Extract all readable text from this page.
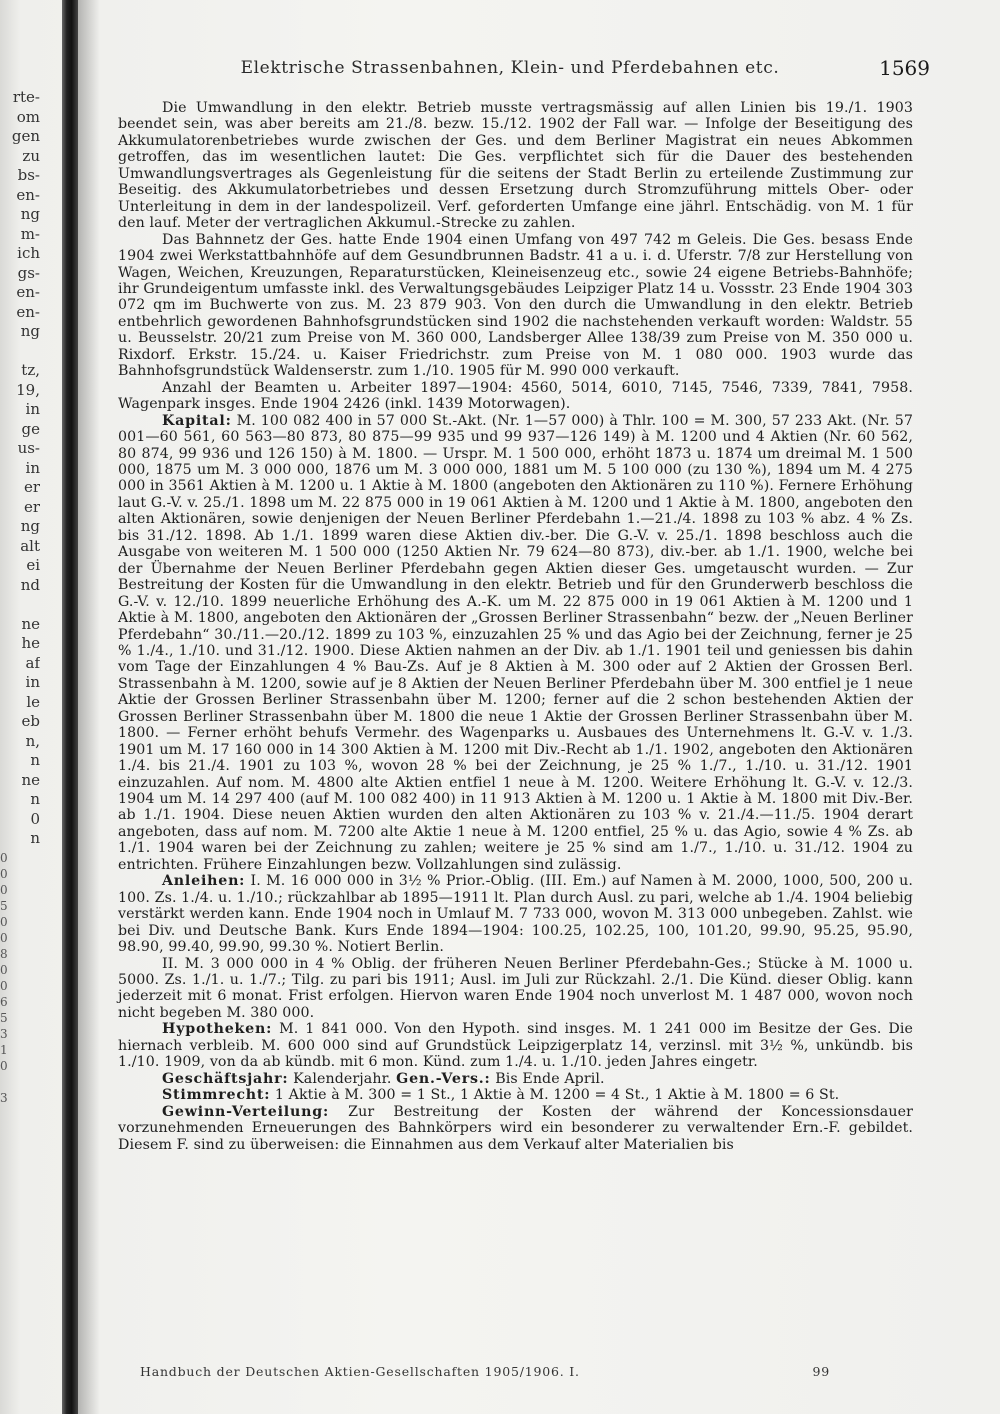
rte-
om
gen
zu
bs-
en-
ng
m-
ich
gs-
en-
en-
ng
tz,
19,
in
ge
us-
in
er
er
ng
alt
ei
nd
ne
he
af
in
le
eb
n,
n
ne
n
0
n
0
0
0
5
0
0
8
0
0
6
5
3
1
0
3
Elektrische Strassenbahnen, Klein- und Pferdebahnen etc.	1569

Die Umwandlung in den elektr. Betrieb musste vertragsmässig auf allen Linien bis 19./1. 1903 beendet sein, was aber bereits am 21./8. bezw. 15./12. 1902 der Fall war. — Infolge der Beseitigung des Akkumulatorenbetriebes wurde zwischen der Ges. und dem Berliner Magistrat ein neues Abkommen getroffen, das im wesentlichen lautet: Die Ges. verpflichtet sich für die Dauer des bestehenden Umwandlungsvertrages als Gegenleistung für die seitens der Stadt Berlin zu erteilende Zustimmung zur Beseitig. des Akkumulatorbetriebes und dessen Ersetzung durch Stromzuführung mittels Ober- oder Unterleitung in dem in der landespolizeil. Verf. geforderten Umfange eine jährl. Entschädig. von M. 1 für den lauf. Meter der vertraglichen Akkumul.-Strecke zu zahlen.

Das Bahnnetz der Ges. hatte Ende 1904 einen Umfang von 497 742 m Geleis. Die Ges. besass Ende 1904 zwei Werkstattbahnhöfe auf dem Gesundbrunnen Badstr. 41 a u. i. d. Uferstr. 7/8 zur Herstellung von Wagen, Weichen, Kreuzungen, Reparaturstücken, Kleineisenzeug etc., sowie 24 eigene Betriebs-Bahnhöfe; ihr Grundeigentum umfasste inkl. des Verwaltungsgebäudes Leipziger Platz 14 u. Vossstr. 23 Ende 1904 303 072 qm im Buchwerte von zus. M. 23 879 903. Von den durch die Umwandlung in den elektr. Betrieb entbehrlich gewordenen Bahnhofsgrundstücken sind 1902 die nachstehenden verkauft worden: Waldstr. 55 u. Beusselstr. 20/21 zum Preise von M. 360 000, Landsberger Allee 138/39 zum Preise von M. 350 000 u. Rixdorf. Erkstr. 15./24. u. Kaiser Friedrichstr. zum Preise von M. 1 080 000. 1903 wurde das Bahnhofsgrundstück Waldenserstr. zum 1./10. 1905 für M. 990 000 verkauft.

Anzahl der Beamten u. Arbeiter 1897—1904: 4560, 5014, 6010, 7145, 7546, 7339, 7841, 7958. Wagenpark insges. Ende 1904 2426 (inkl. 1439 Motorwagen).

Kapital: M. 100 082 400 in 57 000 St.-Akt. (Nr. 1—57 000) à Thlr. 100 = M. 300, 57 233 Akt. (Nr. 57 001—60 561, 60 563—80 873, 80 875—99 935 und 99 937—126 149) à M. 1200 und 4 Aktien (Nr. 60 562, 80 874, 99 936 und 126 150) à M. 1800. — Urspr. M. 1 500 000, erhöht 1873 u. 1874 um dreimal M. 1 500 000, 1875 um M. 3 000 000, 1876 um M. 3 000 000, 1881 um M. 5 100 000 (zu 130 %), 1894 um M. 4 275 000 in 3561 Aktien à M. 1200 u. 1 Aktie à M. 1800 (angeboten den Aktionären zu 110 %). Fernere Erhöhung laut G.-V. v. 25./1. 1898 um M. 22 875 000 in 19 061 Aktien à M. 1200 und 1 Aktie à M. 1800, angeboten den alten Aktionären, sowie denjenigen der Neuen Berliner Pferdebahn 1.—21./4. 1898 zu 103 % abz. 4 % Zs. bis 31./12. 1898. Ab 1./1. 1899 waren diese Aktien div.-ber. Die G.-V. v. 25./1. 1898 beschloss auch die Ausgabe von weiteren M. 1 500 000 (1250 Aktien Nr. 79 624—80 873), div.-ber. ab 1./1. 1900, welche bei der Übernahme der Neuen Berliner Pferdebahn gegen Aktien dieser Ges. umgetauscht wurden. — Zur Bestreitung der Kosten für die Umwandlung in den elektr. Betrieb und für den Grunderwerb beschloss die G.-V. v. 12./10. 1899 neuerliche Erhöhung des A.-K. um M. 22 875 000 in 19 061 Aktien à M. 1200 und 1 Aktie à M. 1800, angeboten den Aktionären der „Grossen Berliner Strassenbahn“ bezw. der „Neuen Berliner Pferdebahn“ 30./11.—20./12. 1899 zu 103 %, einzuzahlen 25 % und das Agio bei der Zeichnung, ferner je 25 % 1./4., 1./10. und 31./12. 1900. Diese Aktien nahmen an der Div. ab 1./1. 1901 teil und geniessen bis dahin vom Tage der Einzahlungen 4 % Bau-Zs. Auf je 8 Aktien à M. 300 oder auf 2 Aktien der Grossen Berl. Strassenbahn à M. 1200, sowie auf je 8 Aktien der Neuen Berliner Pferdebahn über M. 300 entfiel je 1 neue Aktie der Grossen Berliner Strassenbahn über M. 1200; ferner auf die 2 schon bestehenden Aktien der Grossen Berliner Strassenbahn über M. 1800 die neue 1 Aktie der Grossen Berliner Strassenbahn über M. 1800. — Ferner erhöht behufs Vermehr. des Wagenparks u. Ausbaues des Unternehmens lt. G.-V. v. 1./3. 1901 um M. 17 160 000 in 14 300 Aktien à M. 1200 mit Div.-Recht ab 1./1. 1902, angeboten den Aktionären 1./4. bis 21./4. 1901 zu 103 %, wovon 28 % bei der Zeichnung, je 25 % 1./7., 1./10. u. 31./12. 1901 einzuzahlen. Auf nom. M. 4800 alte Aktien entfiel 1 neue à M. 1200. Weitere Erhöhung lt. G.-V. v. 12./3. 1904 um M. 14 297 400 (auf M. 100 082 400) in 11 913 Aktien à M. 1200 u. 1 Aktie à M. 1800 mit Div.-Ber. ab 1./1. 1904. Diese neuen Aktien wurden den alten Aktionären zu 103 % v. 21./4.—11./5. 1904 derart angeboten, dass auf nom. M. 7200 alte Aktie 1 neue à M. 1200 entfiel, 25 % u. das Agio, sowie 4 % Zs. ab 1./1. 1904 waren bei der Zeichnung zu zahlen; weitere je 25 % sind am 1./7., 1./10. u. 31./12. 1904 zu entrichten. Frühere Einzahlungen bezw. Vollzahlungen sind zulässig.

Anleihen: I. M. 16 000 000 in 3½ % Prior.-Oblig. (III. Em.) auf Namen à M. 2000, 1000, 500, 200 u. 100. Zs. 1./4. u. 1./10.; rückzahlbar ab 1895—1911 lt. Plan durch Ausl. zu pari, welche ab 1./4. 1904 beliebig verstärkt werden kann. Ende 1904 noch in Umlauf M. 7 733 000, wovon M. 313 000 unbegeben. Zahlst. wie bei Div. und Deutsche Bank. Kurs Ende 1894—1904: 100.25, 102.25, 100, 101.20, 99.90, 95.25, 95.90, 98.90, 99.40, 99.90, 99.30 %. Notiert Berlin.

II. M. 3 000 000 in 4 % Oblig. der früheren Neuen Berliner Pferdebahn-Ges.; Stücke à M. 1000 u. 5000. Zs. 1./1. u. 1./7.; Tilg. zu pari bis 1911; Ausl. im Juli zur Rückzahl. 2./1. Die Künd. dieser Oblig. kann jederzeit mit 6 monat. Frist erfolgen. Hiervon waren Ende 1904 noch unverlost M. 1 487 000, wovon noch nicht begeben M. 380 000.

Hypotheken: M. 1 841 000. Von den Hypoth. sind insges. M. 1 241 000 im Besitze der Ges. Die hiernach verbleib. M. 600 000 sind auf Grundstück Leipzigerplatz 14, verzinsl. mit 3½ %, unkündb. bis 1./10. 1909, von da ab kündb. mit 6 mon. Künd. zum 1./4. u. 1./10. jeden Jahres eingetr.

Geschäftsjahr: Kalenderjahr. Gen.-Vers.: Bis Ende April.

Stimmrecht: 1 Aktie à M. 300 = 1 St., 1 Aktie à M. 1200 = 4 St., 1 Aktie à M. 1800 = 6 St.

Gewinn-Verteilung: Zur Bestreitung der Kosten der während der Koncessionsdauer vorzunehmenden Erneuerungen des Bahnkörpers wird ein besonderer zu verwaltender Ern.-F. gebildet. Diesem F. sind zu überweisen: die Einnahmen aus dem Verkauf alter Materialien bis

Handbuch der Deutschen Aktien-Gesellschaften 1905/1906. I.	99
